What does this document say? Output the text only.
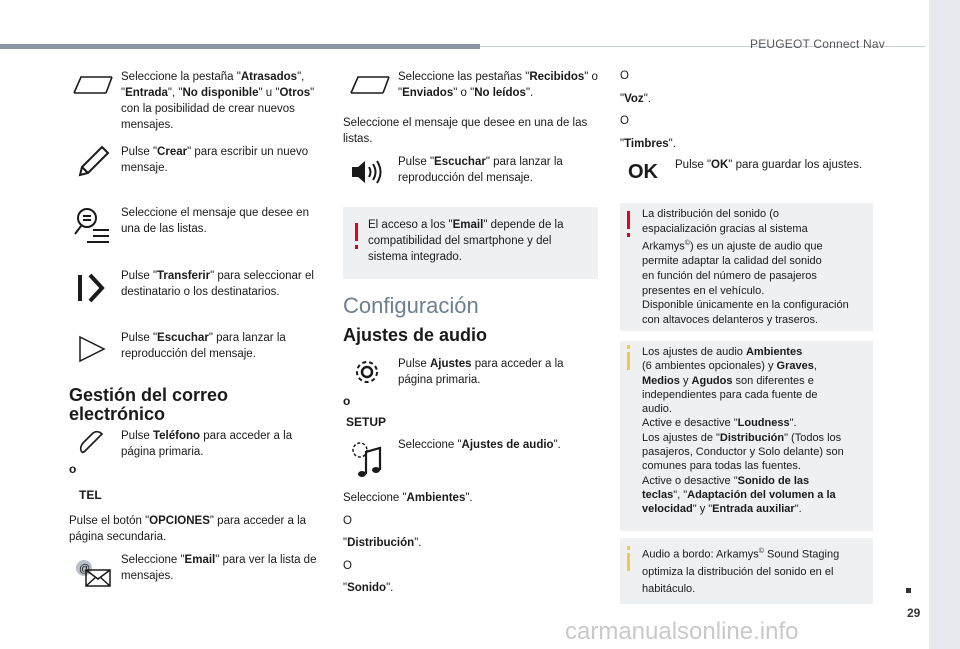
PEUGEOT Connect Nav
29
carmanualsonline.info
Seleccione la pestaña "Atrasados", "Entrada", "No disponible" u "Otros" con la posibilidad de crear nuevos mensajes.
Pulse "Crear" para escribir un nuevo mensaje.
Seleccione el mensaje que desee en una de las listas.
Pulse "Transferir" para seleccionar el destinatario o los destinatarios.
Pulse "Escuchar" para lanzar la reproducción del mensaje.
Gestión del correo electrónico
Pulse Teléfono para acceder a la página primaria.
o
TEL
Pulse el botón "OPCIONES" para acceder a la página secundaria.
@
Seleccione "Email" para ver la lista de mensajes.
Seleccione las pestañas "Recibidos" o "Enviados" o "No leídos".
Seleccione el mensaje que desee en una de las listas.
Pulse "Escuchar" para lanzar la reproducción del mensaje.
El acceso a los "Email" depende de la compatibilidad del smartphone y del sistema integrado.
Configuración
Ajustes de audio
Pulse Ajustes para acceder a la página primaria.
o
SETUP
Seleccione "Ajustes de audio".
Seleccione "Ambientes".
O
"Distribución".
O
"Sonido".
O
"Voz".
O
"Timbres".
OK Pulse "OK" para guardar los ajustes.
La distribución del sonido (o
espacialización gracias al sistema
Arkamys©) es un ajuste de audio que
permite adaptar la calidad del sonido
en función del número de pasajeros
presentes en el vehículo.
Disponible únicamente en la configuración
con altavoces delanteros y traseros.
Los ajustes de audio Ambientes
(6 ambientes opcionales) y Graves,
Medios y Agudos son diferentes e
independientes para cada fuente de
audio.
Active e desactive "Loudness".
Los ajustes de "Distribución" (Todos los
pasajeros, Conductor y Solo delante) son
comunes para todas las fuentes.
Active o desactive "Sonido de las
teclas", "Adaptación del volumen a la
velocidad" y "Entrada auxiliar".
Audio a bordo: Arkamys© Sound Staging optimiza la distribución del sonido en el habitáculo.
